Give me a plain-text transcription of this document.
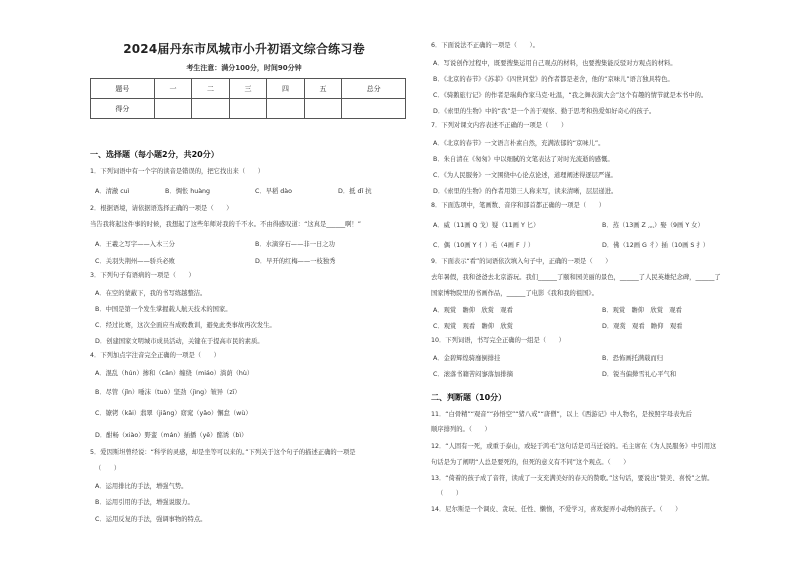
2024届丹东市凤城市小升初语文综合练习卷
考生注意：满分100分，时间90分钟
题号	一	二	三	四	五	总分
得分						
一、选择题（每小题2分，共20分）
1．下列词语中有一个字的读音是错误的，把它找出来（　　）
A．清澈 cuì	B．惆怅 huàng	C．早稻 dào	D．抵 dǐ 抗
2．根据语境，请依据语选择正确的一项是（　　）
当告我将起这件事的时候，我想起了这些年师对我的千不水。不由得感叹道：“这真是______啊！”
A．王羲之写字——入木三分	B．水滴穿石——非一日之功
C．关羽失荆州——骄兵必败	D．早开的红梅——一枝独秀
3．下列句子有语病的一项是（　　）
A．在空的蒙蔽下，我的书写练越整洁。
B．中国是第一个发生掌握载人航天技术的国家。
C．经过比赛，这次全面应当成败教训，避免此类事故再次发生。
D．创建国家文明城市成员活动，关键在于提高市民的素质。
4．下列加点字注音完全正确的一项是（　　）
A．混乱（hún）掺和（cān）缠绕（miáo）淌荫（hù）
B．尽管（jǐn）唾沫（tuò）坚劲（jìng）皱异（zī）
C．镣铐（kǎi）翡翠（jiāng）窈窕（yǎo）懈怠（wù）
D．酣畅（xiào）野蛮（mán）插播（yē）酩诱（bì）
5．爱因斯坦曾经说：“科学的灵感，却是坐等可以来的。”下列关于这个句子的描述正确的一项是
（　　）
A．运用排比的手法，增强气势。
B．运用引用的手法，增强说服力。
C．运用反复的手法，强调事物的特点。
6．下面说法不正确的一项是（　　）。
A．写说创作过程中，既要搜集运用自己观点的材料，也要搜集能反驳对方观点的材料。
B．《北京的春节》《苏菲》《四世同堂》的作者都是老舍，他的“京味儿”语言独具特色。
C．《骑鹅旅行记》的作者是瑞典作家马克·吐温，“我之舞表演大会”这个有趣的情节就是本书中的。
D．《索里的生物》中的“我”是一个善于观察、勤于思考和热爱如好奇心的孩子。
7．下列对课文内容表述不正确的一项是（　　）
A．《北京的春节》一文语言朴素自然，充满浓郁的“京味儿”。
B．朱自清在《匆匆》中以细腻的文笔表达了对时光流逝的感慨。
C．《为人民服务》一文围绕中心论点论述，道理阐述得逐层严谨。
D．《索里的生物》的作者用第三人称来写，读来清晰，层层递进。
8．下面选项中，笔画数、音序和部首都正确的一项是（　　）
A．威（11画 Q 戈）疑（11画 Y 匕）	B．蒸（13画 Z 灬）娶（9画 Y 女）
C．偶（10画 Y 亻）毛（4画 F 丿）	D．佛（12画 G 彳）插（10画 S 扌）
9．下面表示“看”的词语依次填入句子中，正确的一项是（　　）
去年暑假，我和爸爸去北京游玩。我们______了颐和园美丽的景色，______了人民英雄纪念碑，______了
国家博物院里的书画作品，______了电影《我和我的祖国》。
A．观赏　瞻仰　欣赏　观看	B．观赏　瞻仰　欣赏　观看
C．观赏　观看　瞻仰　欣赏	D．观赏　观看　瞻仰　观看
10．下列词语，书写完全正确的一组是（　　）
A．金碧辉煌骑靡倒排挂	B．恐怖画托满载而归
C．滚落书籍苦闷寥落加排摘	D．锐当偏撵雪礼心平气和
二、判断题（10分）
11．“白骨精”“观音”“孙悟空”“猪八戒”“唐僧”，以上《西游记》中人物名，是按照字母表先后
顺序排列的。（　　）
12．“人固有一死，或重于泰山，或轻于鸿毛”这句话是司马迁说的。毛主席在《为人民服务》中引用这
句话是为了阐明“人总是要死的，但死的意义有不同”这个观点。（　　）
13．“倚着的孩子成了音符，读成了一支充满美好的春天的赞歌。”这句话，要说出“赞美、喜悦”之情。
（　　）
14．尼尔斯是一个调皮、贪玩、任性、懒惰，不爱学习，喜欢捉弄小动物的孩子。（　　）
